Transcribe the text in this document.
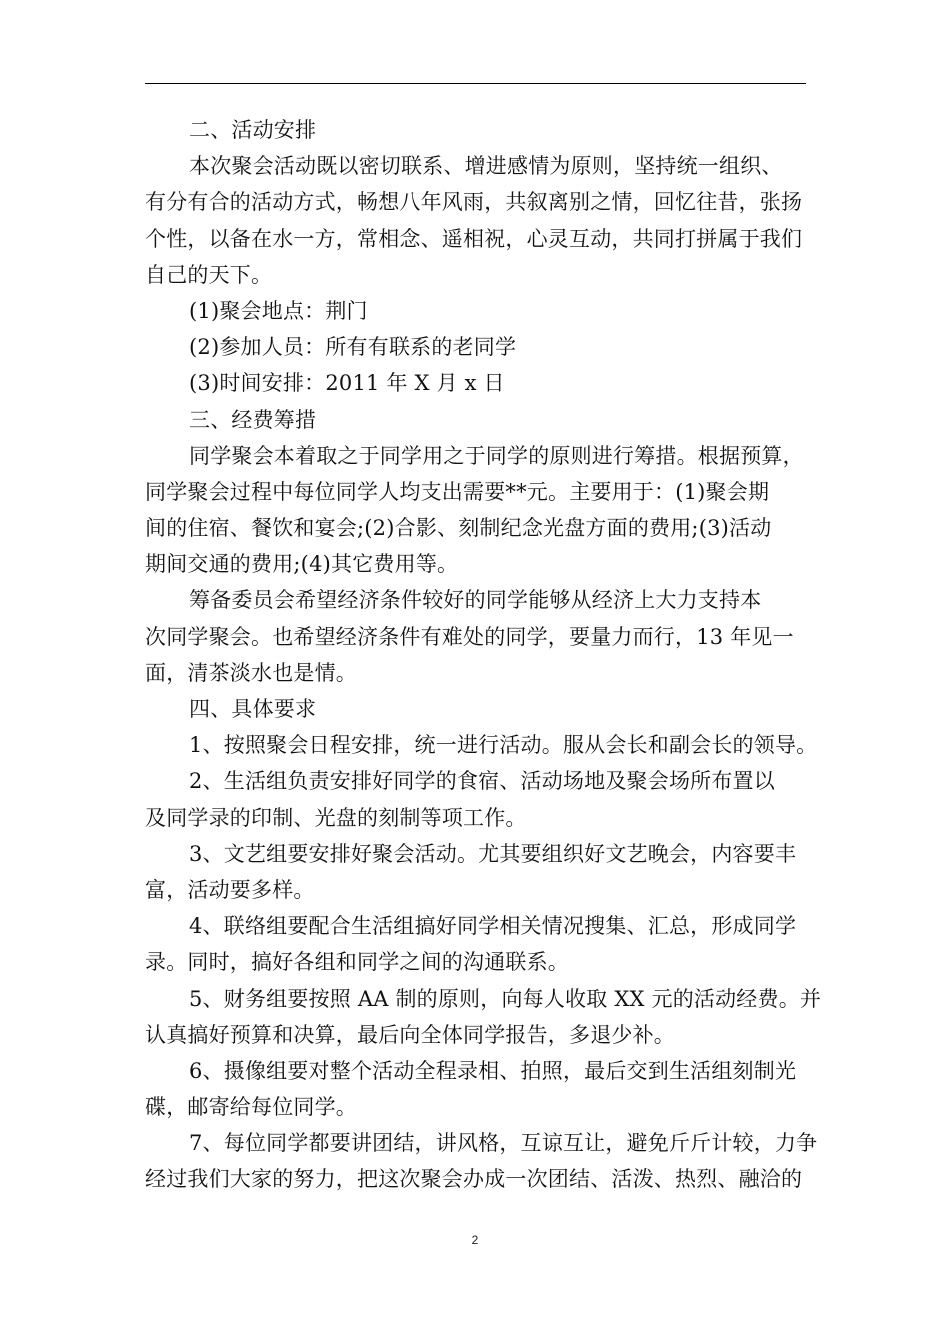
二、活动安排
本次聚会活动既以密切联系、增进感情为原则，坚持统一组织、
有分有合的活动方式，畅想八年风雨，共叙离别之情，回忆往昔，张扬
个性，以备在水一方，常相念、遥相祝，心灵互动，共同打拼属于我们
自己的天下。
(1)聚会地点：荆门
(2)参加人员：所有有联系的老同学
(3)时间安排：2011 年 X 月 x 日
三、经费筹措
同学聚会本着取之于同学用之于同学的原则进行筹措。根据预算，
同学聚会过程中每位同学人均支出需要**元。主要用于：(1)聚会期
间的住宿、餐饮和宴会;(2)合影、刻制纪念光盘方面的费用;(3)活动
期间交通的费用;(4)其它费用等。
筹备委员会希望经济条件较好的同学能够从经济上大力支持本
次同学聚会。也希望经济条件有难处的同学，要量力而行，13 年见一
面，清茶淡水也是情。
四、具体要求
1、按照聚会日程安排，统一进行活动。服从会长和副会长的领导。
2、生活组负责安排好同学的食宿、活动场地及聚会场所布置以
及同学录的印制、光盘的刻制等项工作。
3、文艺组要安排好聚会活动。尤其要组织好文艺晚会，内容要丰
富，活动要多样。
4、联络组要配合生活组搞好同学相关情况搜集、汇总，形成同学
录。同时，搞好各组和同学之间的沟通联系。
5、财务组要按照 AA 制的原则，向每人收取 XX 元的活动经费。并
认真搞好预算和决算，最后向全体同学报告，多退少补。
6、摄像组要对整个活动全程录相、拍照，最后交到生活组刻制光
碟，邮寄给每位同学。
7、每位同学都要讲团结，讲风格，互谅互让，避免斤斤计较，力争
经过我们大家的努力，把这次聚会办成一次团结、活泼、热烈、融洽的
2
